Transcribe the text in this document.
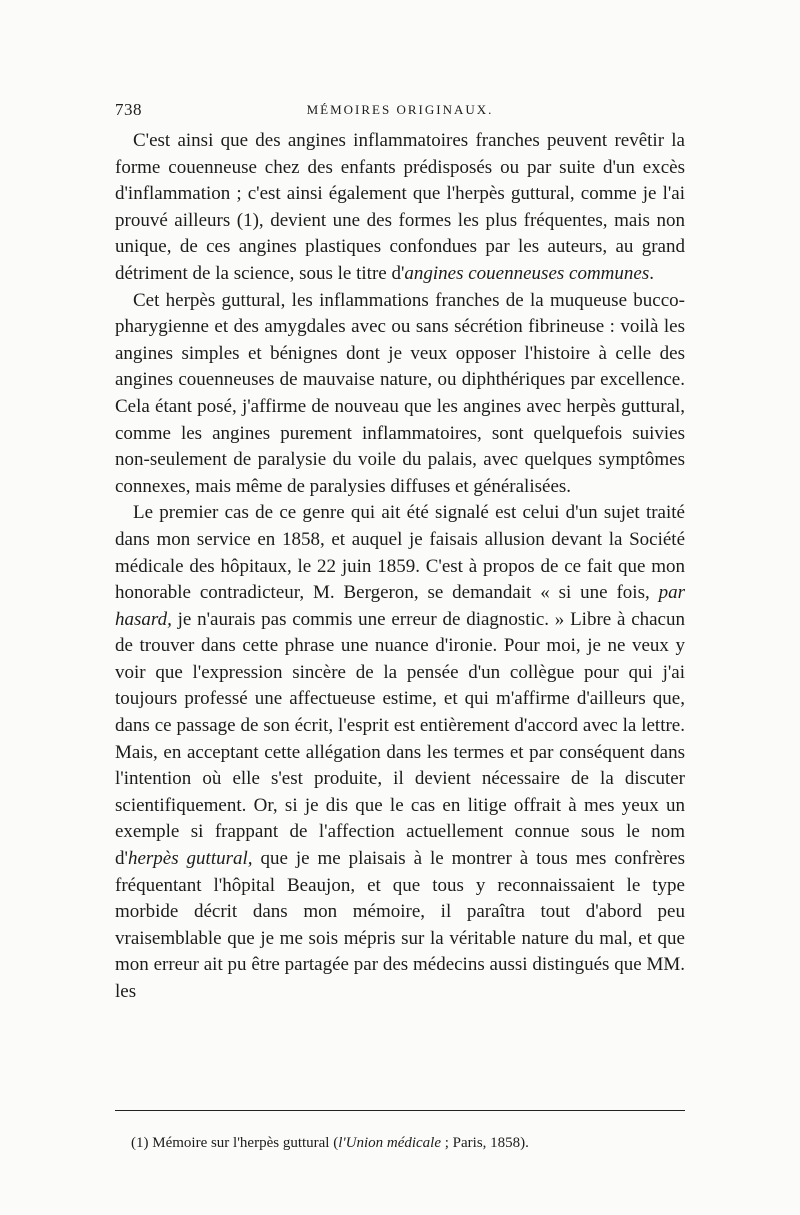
738	MÉMOIRES ORIGINAUX.

C'est ainsi que des angines inflammatoires franches peuvent revêtir la forme couenneuse chez des enfants prédisposés ou par suite d'un excès d'inflammation ; c'est ainsi également que l'herpès guttural, comme je l'ai prouvé ailleurs (1), devient une des formes les plus fréquentes, mais non unique, de ces angines plastiques confondues par les auteurs, au grand détriment de la science, sous le titre d'angines couenneuses communes.

Cet herpès guttural, les inflammations franches de la muqueuse bucco-pharygienne et des amygdales avec ou sans sécrétion fibrineuse : voilà les angines simples et bénignes dont je veux opposer l'histoire à celle des angines couenneuses de mauvaise nature, ou diphthériques par excellence. Cela étant posé, j'affirme de nouveau que les angines avec herpès guttural, comme les angines purement inflammatoires, sont quelquefois suivies non-seulement de paralysie du voile du palais, avec quelques symptômes connexes, mais même de paralysies diffuses et généralisées.

Le premier cas de ce genre qui ait été signalé est celui d'un sujet traité dans mon service en 1858, et auquel je faisais allusion devant la Société médicale des hôpitaux, le 22 juin 1859. C'est à propos de ce fait que mon honorable contradicteur, M. Bergeron, se demandait « si une fois, par hasard, je n'aurais pas commis une erreur de diagnostic. » Libre à chacun de trouver dans cette phrase une nuance d'ironie. Pour moi, je ne veux y voir que l'expression sincère de la pensée d'un collègue pour qui j'ai toujours professé une affectueuse estime, et qui m'affirme d'ailleurs que, dans ce passage de son écrit, l'esprit est entièrement d'accord avec la lettre. Mais, en acceptant cette allégation dans les termes et par conséquent dans l'intention où elle s'est produite, il devient nécessaire de la discuter scientifiquement. Or, si je dis que le cas en litige offrait à mes yeux un exemple si frappant de l'affection actuellement connue sous le nom d'herpès guttural, que je me plaisais à le montrer à tous mes confrères fréquentant l'hôpital Beaujon, et que tous y reconnaissaient le type morbide décrit dans mon mémoire, il paraîtra tout d'abord peu vraisemblable que je me sois mépris sur la véritable nature du mal, et que mon erreur ait pu être partagée par des médecins aussi distingués que MM. les

(1) Mémoire sur l'herpès guttural (l'Union médicale ; Paris, 1858).
